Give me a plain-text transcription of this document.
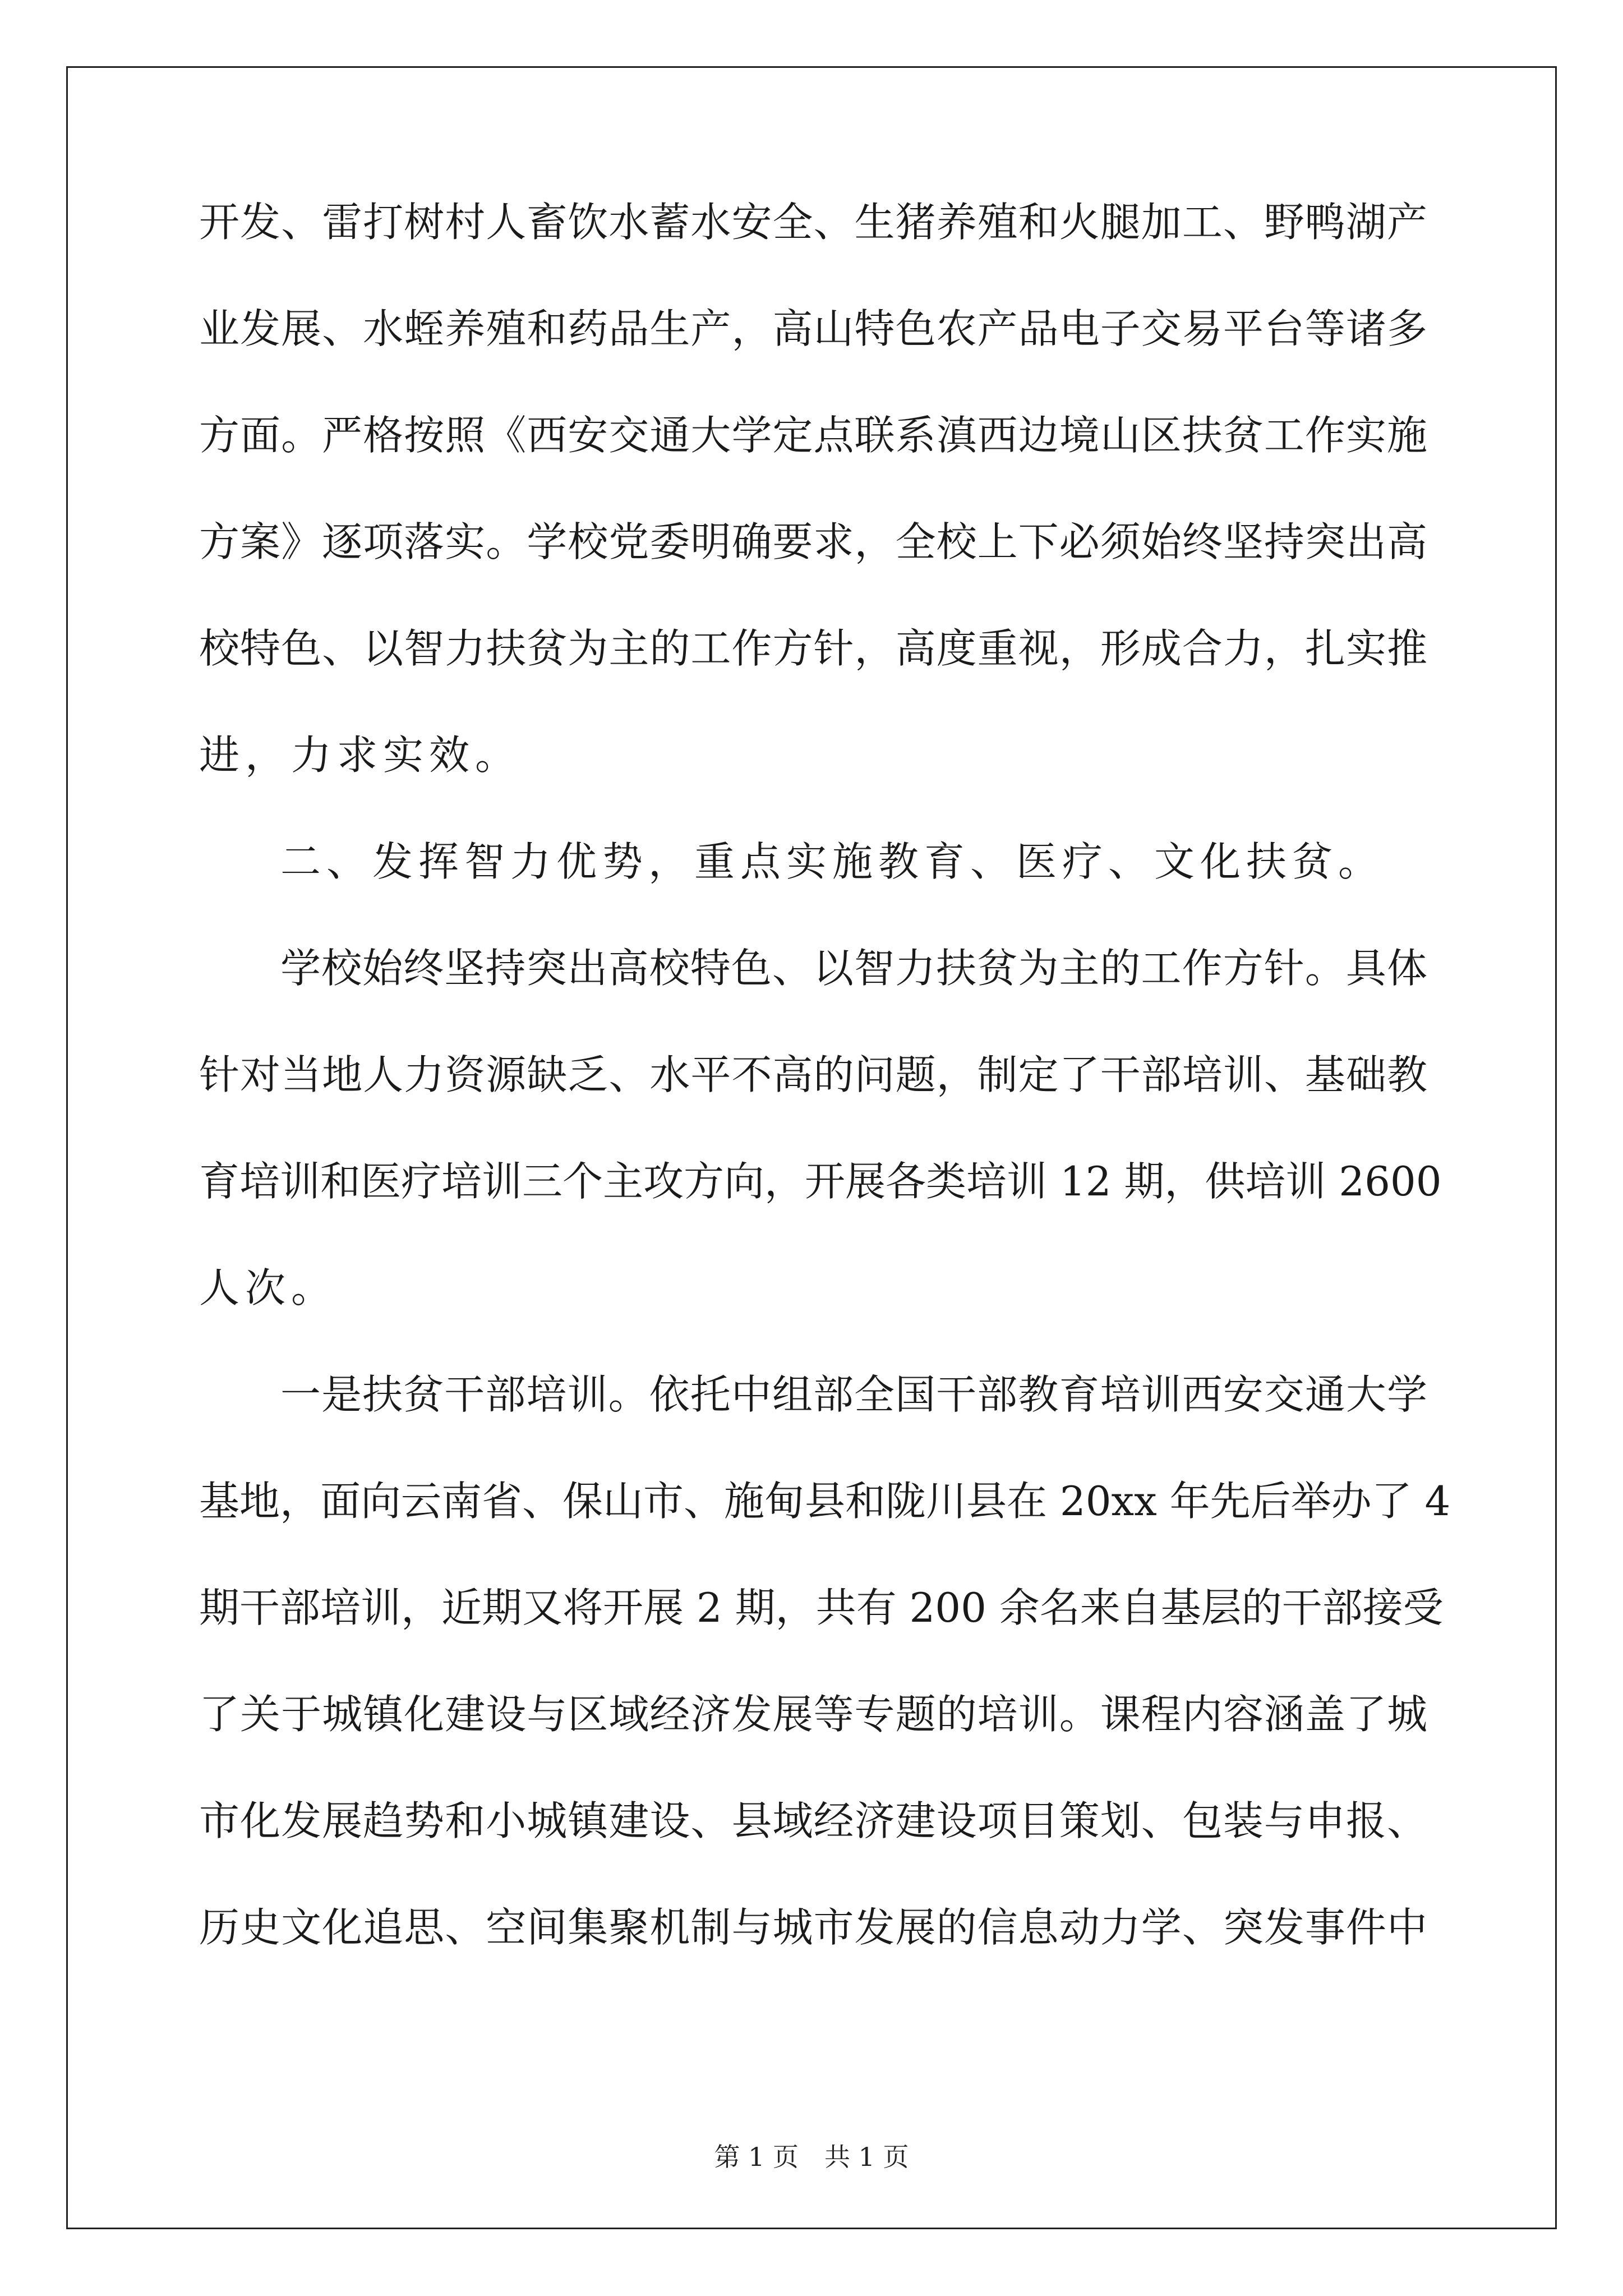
开发、雷打树村人畜饮水蓄水安全、生猪养殖和火腿加工、野鸭湖产
业发展、水蛭养殖和药品生产，高山特色农产品电子交易平台等诸多
方面。严格按照《西安交通大学定点联系滇西边境山区扶贫工作实施
方案》逐项落实。学校党委明确要求，全校上下必须始终坚持突出高
校特色、以智力扶贫为主的工作方针，高度重视，形成合力，扎实推
进，力求实效。
二、发挥智力优势，重点实施教育、医疗、文化扶贫。
学校始终坚持突出高校特色、以智力扶贫为主的工作方针。具体
针对当地人力资源缺乏、水平不高的问题，制定了干部培训、基础教
育培训和医疗培训三个主攻方向，开展各类培训 12 期，供培训 2600
人次。
一是扶贫干部培训。依托中组部全国干部教育培训西安交通大学
基地，面向云南省、保山市、施甸县和陇川县在 20xx 年先后举办了 4
期干部培训，近期又将开展 2 期，共有 200 余名来自基层的干部接受
了关于城镇化建设与区域经济发展等专题的培训。课程内容涵盖了城
市化发展趋势和小城镇建设、县域经济建设项目策划、包装与申报、
历史文化追思、空间集聚机制与城市发展的信息动力学、突发事件中
第 1 页　共 1 页
